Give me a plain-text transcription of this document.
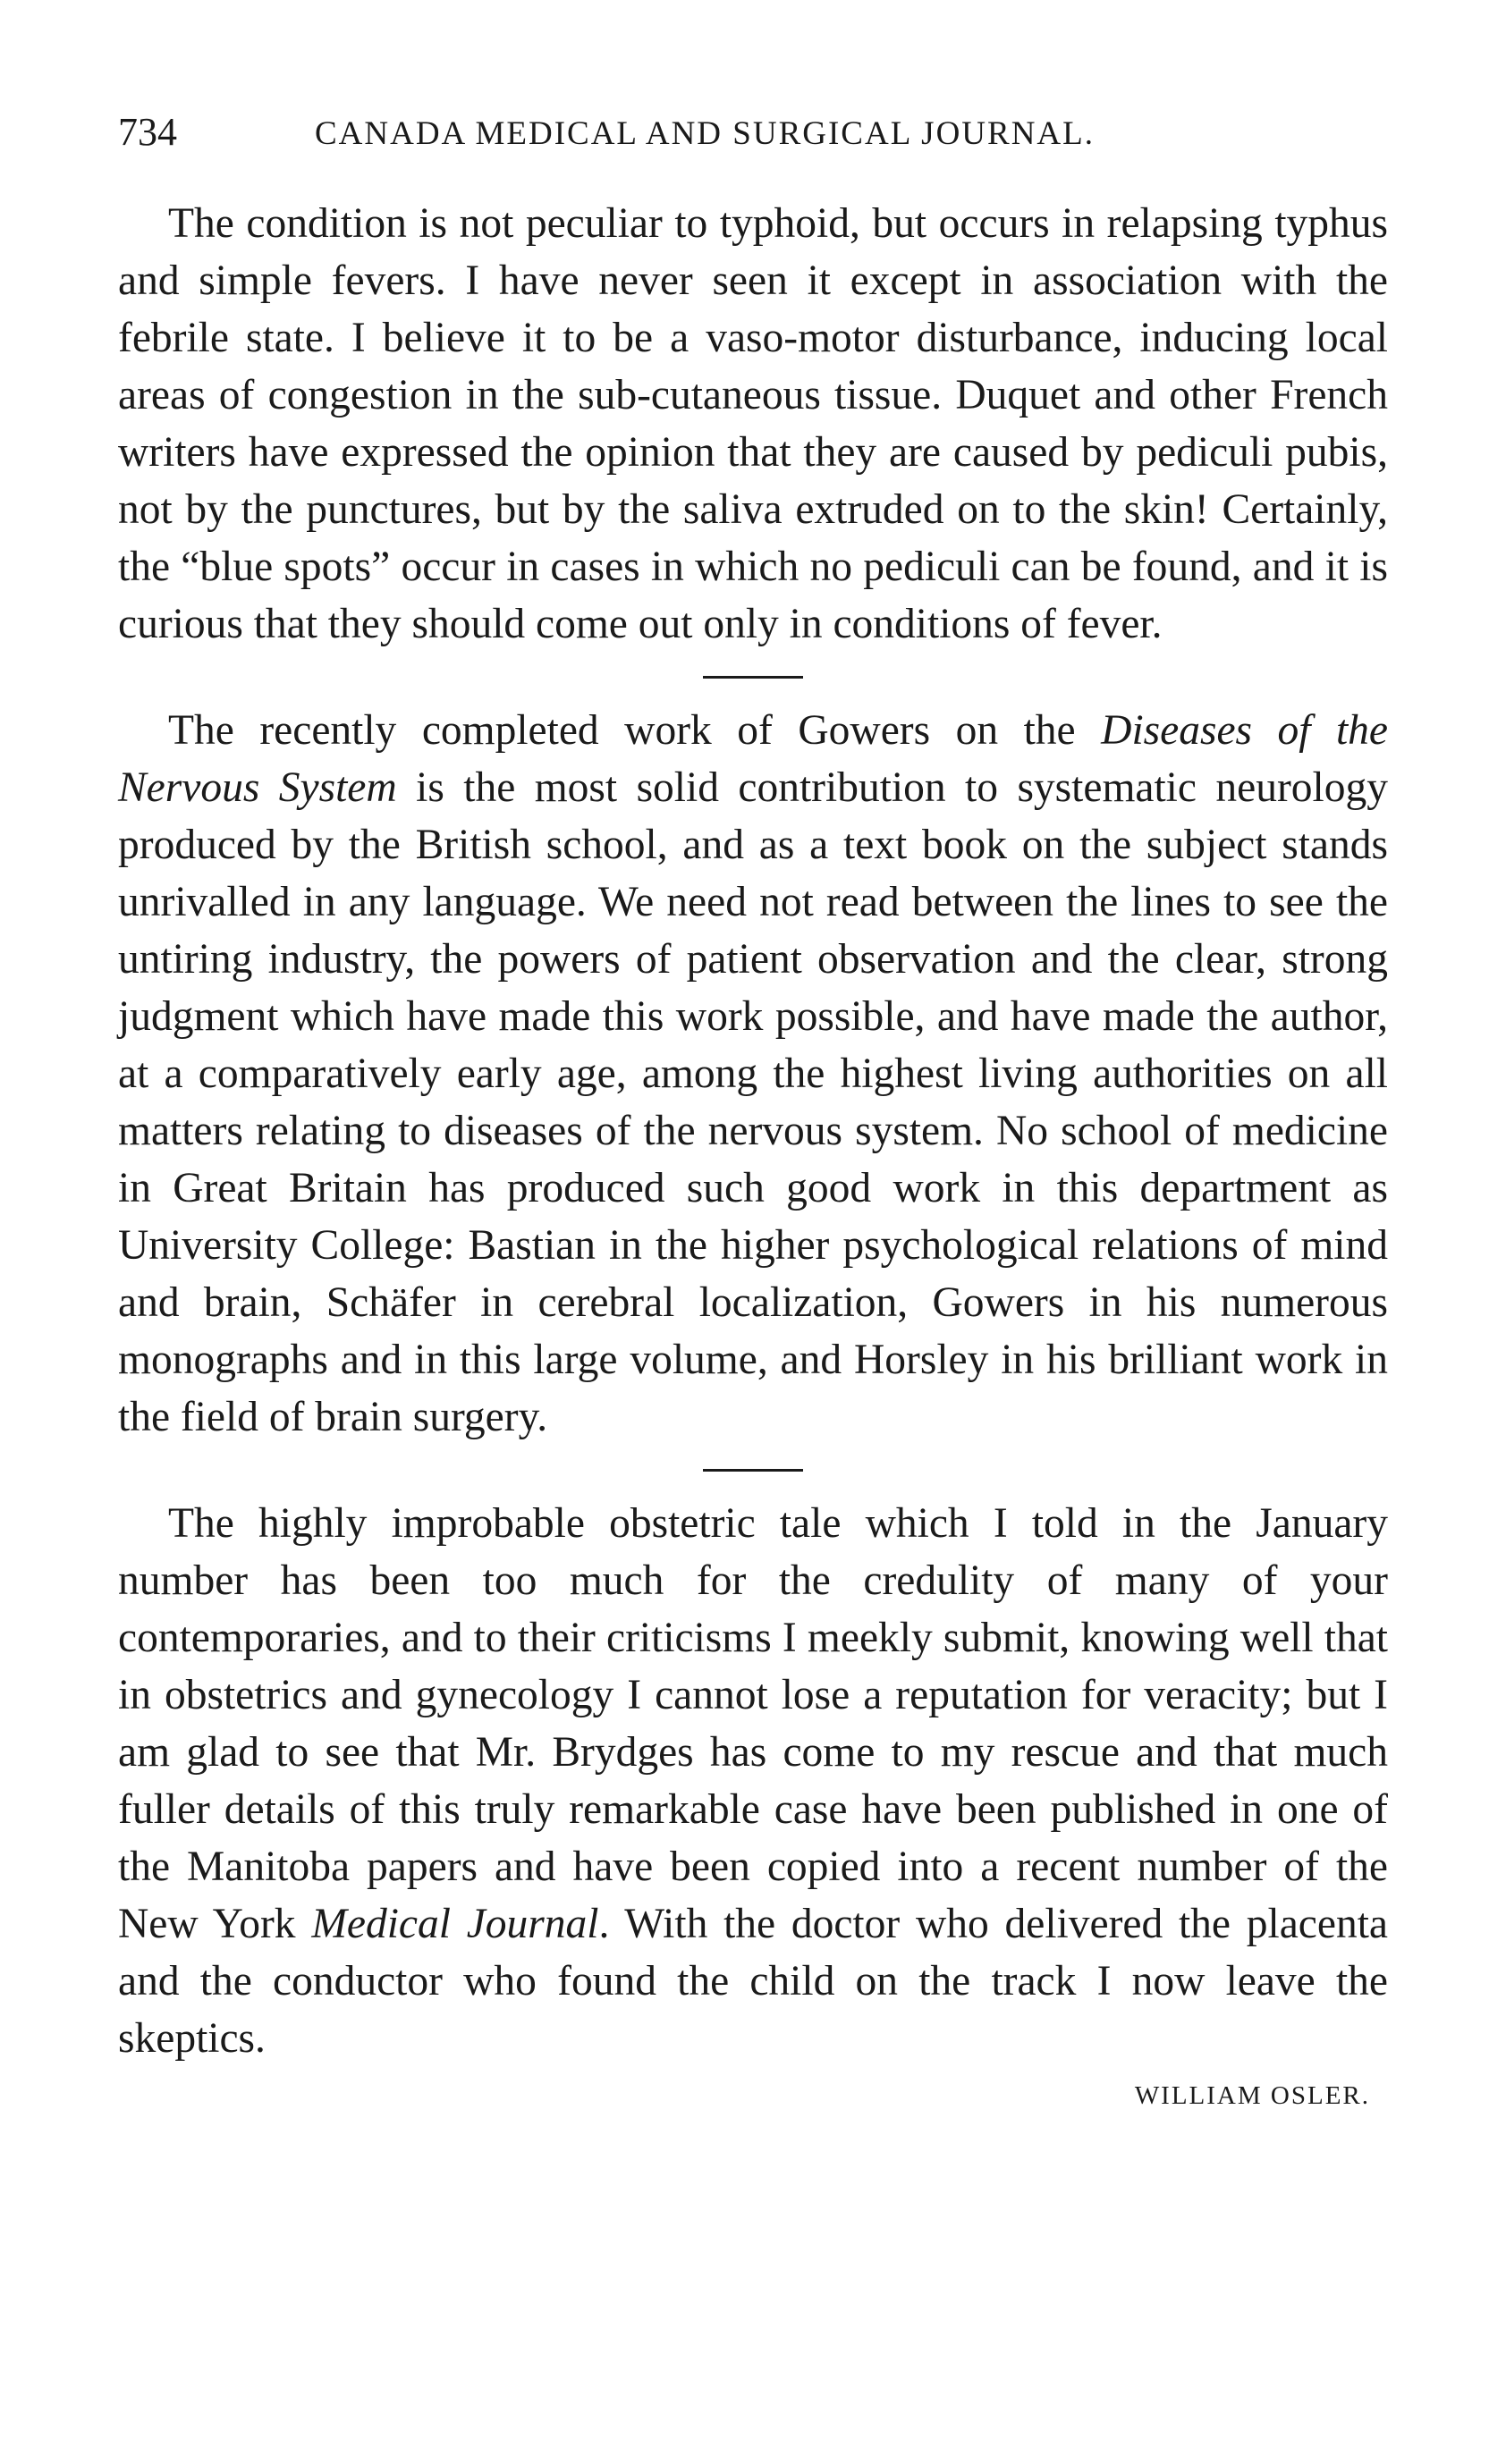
734	CANADA MEDICAL AND SURGICAL JOURNAL.

The condition is not peculiar to typhoid, but occurs in relapsing typhus and simple fevers. I have never seen it except in association with the febrile state. I believe it to be a vaso-motor disturbance, inducing local areas of congestion in the sub-cutaneous tissue. Duquet and other French writers have expressed the opinion that they are caused by pediculi pubis, not by the punctures, but by the saliva extruded on to the skin! Certainly, the “blue spots” occur in cases in which no pediculi can be found, and it is curious that they should come out only in conditions of fever.

The recently completed work of Gowers on the Diseases of the Nervous System is the most solid contribution to systematic neurology produced by the British school, and as a text book on the subject stands unrivalled in any language. We need not read between the lines to see the untiring industry, the powers of patient observation and the clear, strong judgment which have made this work possible, and have made the author, at a comparatively early age, among the highest living authorities on all matters relating to diseases of the nervous system. No school of medicine in Great Britain has produced such good work in this department as University College: Bastian in the higher psychological relations of mind and brain, Schäfer in cerebral localization, Gowers in his numerous monographs and in this large volume, and Horsley in his brilliant work in the field of brain surgery.

The highly improbable obstetric tale which I told in the January number has been too much for the credulity of many of your contemporaries, and to their criticisms I meekly submit, knowing well that in obstetrics and gynecology I cannot lose a reputation for veracity; but I am glad to see that Mr. Brydges has come to my rescue and that much fuller details of this truly remarkable case have been published in one of the Manitoba papers and have been copied into a recent number of the New York Medical Journal. With the doctor who delivered the placenta and the conductor who found the child on the track I now leave the skeptics.

WILLIAM OSLER.
